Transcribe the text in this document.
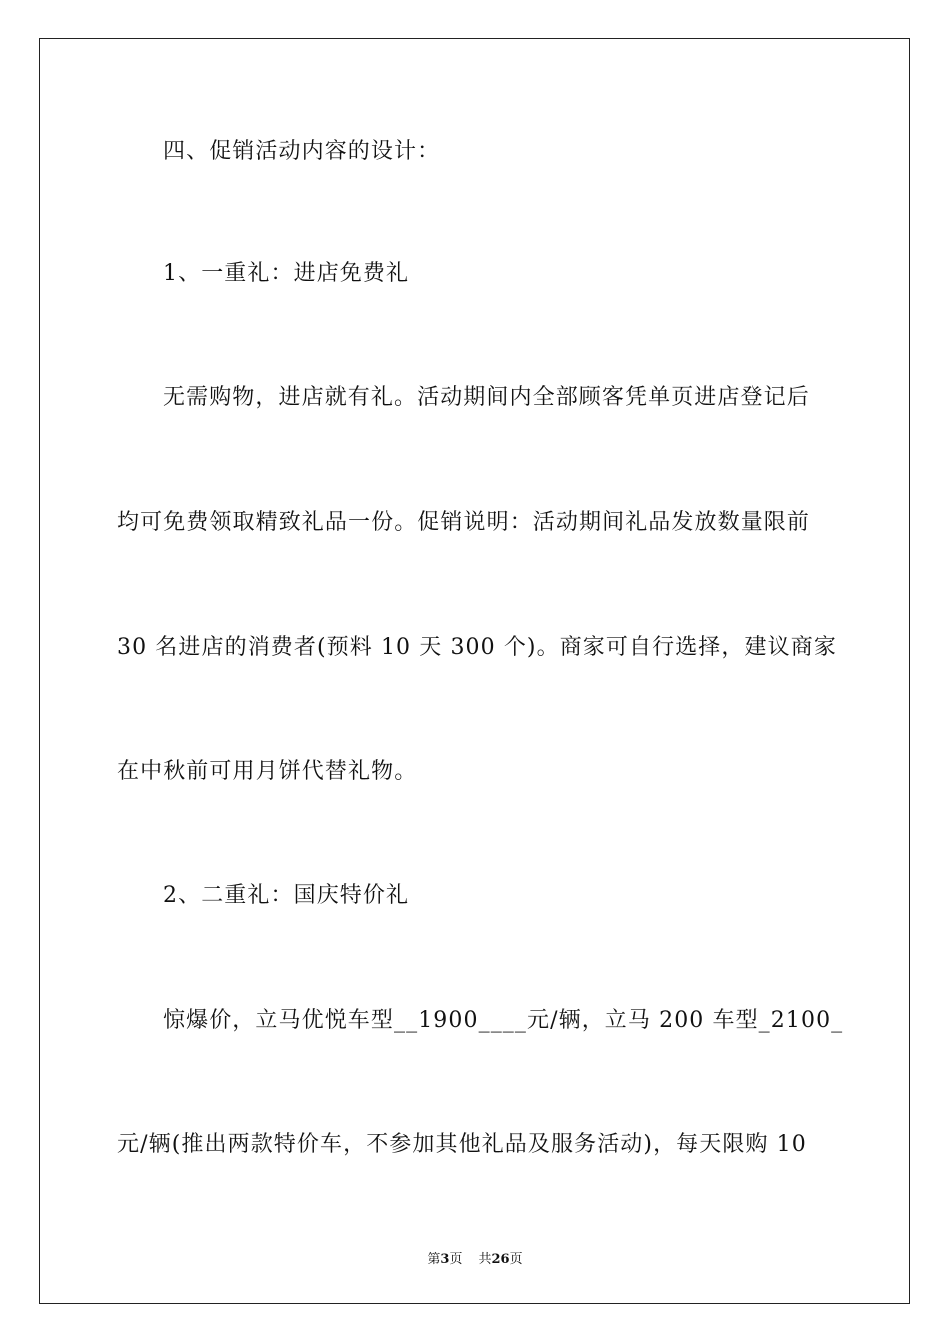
四、促销活动内容的设计：
1、一重礼：进店免费礼
无需购物，进店就有礼。活动期间内全部顾客凭单页进店登记后
均可免费领取精致礼品一份。促销说明：活动期间礼品发放数量限前
30 名进店的消费者(预料 10 天 300 个)。商家可自行选择，建议商家
在中秋前可用月饼代替礼物。
2、二重礼：国庆特价礼
惊爆价，立马优悦车型__1900____元/辆，立马 200 车型_2100_
元/辆(推出两款特价车，不参加其他礼品及服务活动)，每天限购 10
第3页 共26页
